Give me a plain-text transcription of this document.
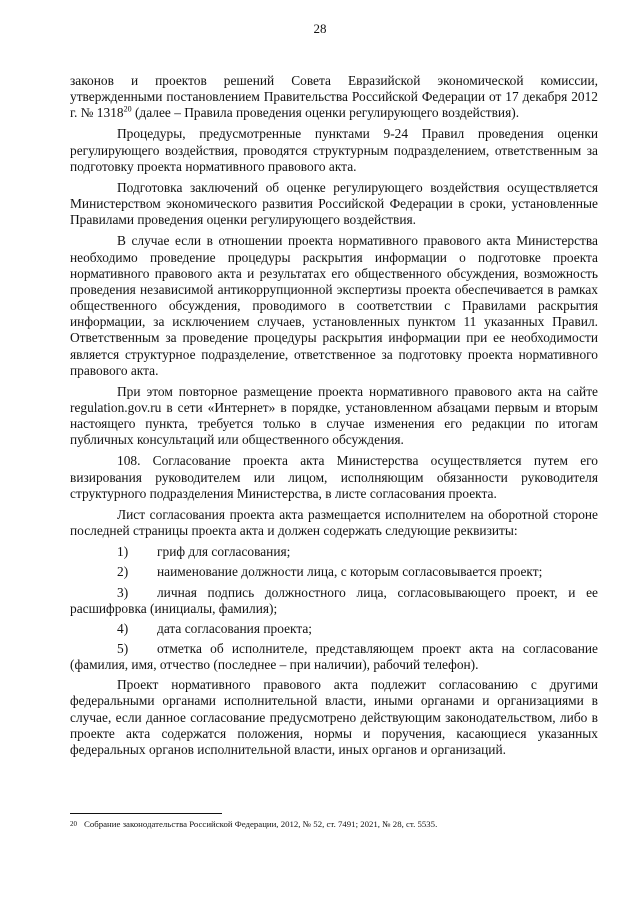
28

законов и проектов решений Совета Евразийской экономической комиссии, утвержденными постановлением Правительства Российской Федерации от 17 декабря 2012 г. № 1318$^{20}$ (далее – Правила проведения оценки регулирующего воздействия).

Процедуры, предусмотренные пунктами 9-24 Правил проведения оценки регулирующего воздействия, проводятся структурным подразделением, ответственным за подготовку проекта нормативного правового акта.

Подготовка заключений об оценке регулирующего воздействия осуществляется Министерством экономического развития Российской Федерации в сроки, установленные Правилами проведения оценки регулирующего воздействия.

В случае если в отношении проекта нормативного правового акта Министерства необходимо проведение процедуры раскрытия информации о подготовке проекта нормативного правового акта и результатах его общественного обсуждения, возможность проведения независимой антикоррупционной экспертизы проекта обеспечивается в рамках общественного обсуждения, проводимого в соответствии с Правилами раскрытия информации, за исключением случаев, установленных пунктом 11 указанных Правил. Ответственным за проведение процедуры раскрытия информации при ее необходимости является структурное подразделение, ответственное за подготовку проекта нормативного правового акта.

При этом повторное размещение проекта нормативного правового акта на сайте regulation.gov.ru в сети «Интернет» в порядке, установленном абзацами первым и вторым настоящего пункта, требуется только в случае изменения его редакции по итогам публичных консультаций или общественного обсуждения.

108. Согласование проекта акта Министерства осуществляется путем его визирования руководителем или лицом, исполняющим обязанности руководителя структурного подразделения Министерства, в листе согласования проекта.

Лист согласования проекта акта размещается исполнителем на оборотной стороне последней страницы проекта акта и должен содержать следующие реквизиты:

1) гриф для согласования;

2) наименование должности лица, с которым согласовывается проект;

3) личная подпись должностного лица, согласовывающего проект, и ее расшифровка (инициалы, фамилия);

4) дата согласования проекта;

5) отметка об исполнителе, представляющем проект акта на согласование (фамилия, имя, отчество (последнее – при наличии), рабочий телефон).

Проект нормативного правового акта подлежит согласованию с другими федеральными органами исполнительной власти, иными органами и организациями в случае, если данное согласование предусмотрено действующим законодательством, либо в проекте акта содержатся положения, нормы и поручения, касающиеся указанных федеральных органов исполнительной власти, иных органов и организаций.

20 Собрание законодательства Российской Федерации, 2012, № 52, ст. 7491; 2021, № 28, ст. 5535.
